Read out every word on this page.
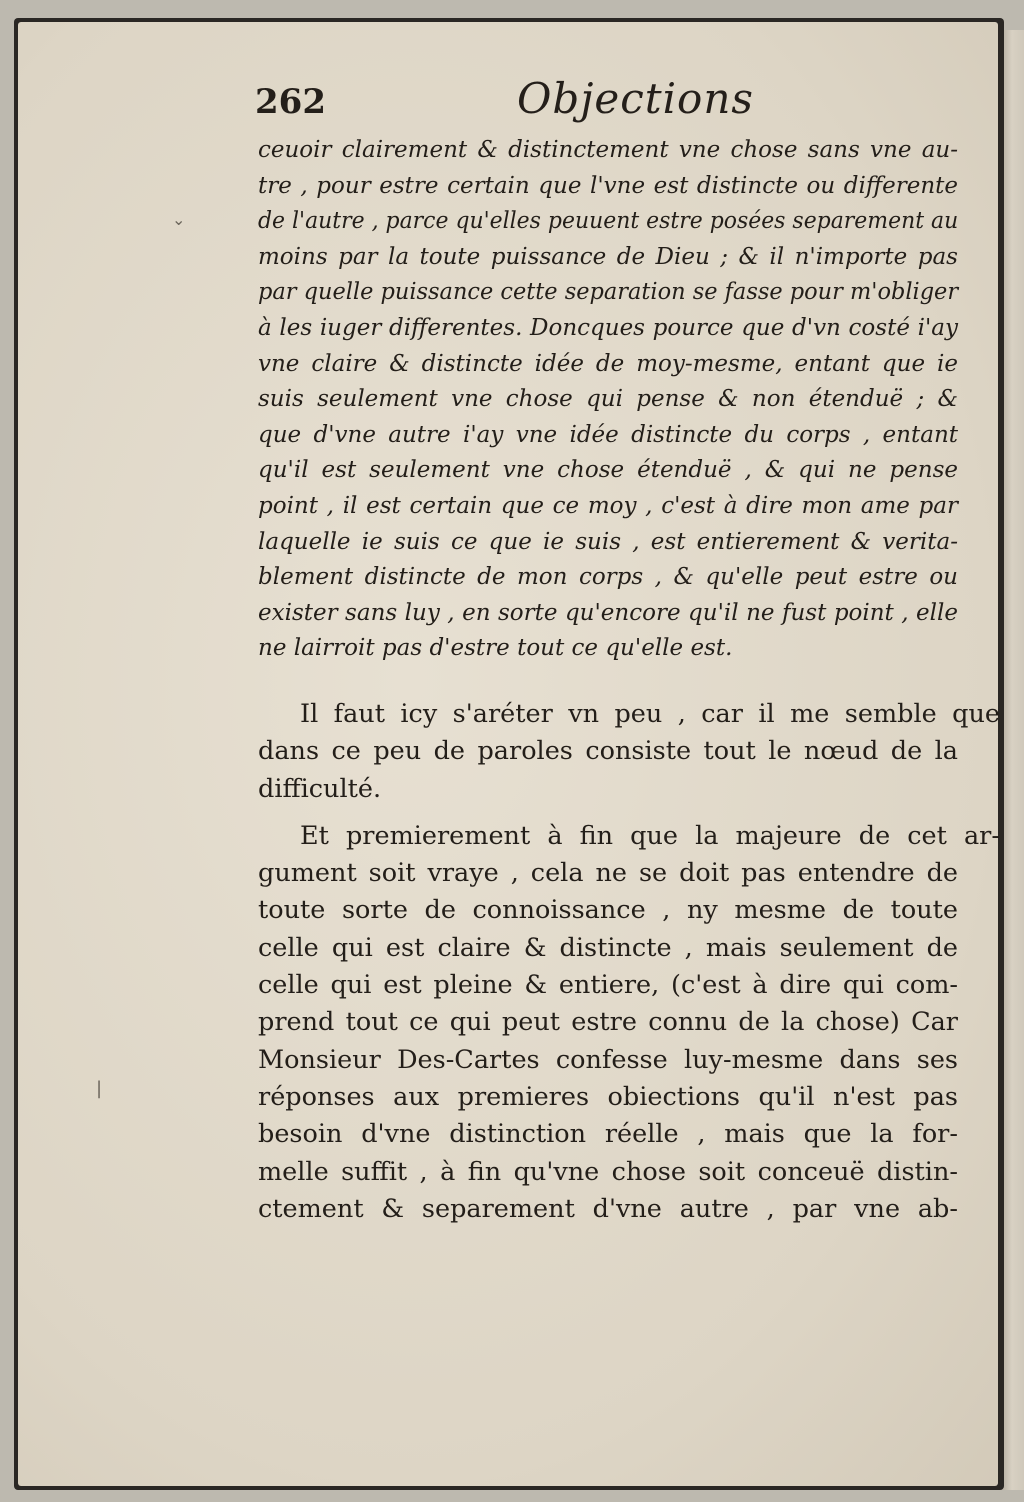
262	Objections
ceuoir clairement & distinctement vne chose sans vne au-
tre , pour estre certain que l'vne est distincte ou differente
de l'autre , parce qu'elles peuuent estre posées separement au
moins par la toute puissance de Dieu ; & il n'importe pas
par quelle puissance cette separation se fasse pour m'obliger
à les iuger differentes. Doncques pource que d'vn costé i'ay
vne claire & distincte idée de moy-mesme, entant que ie
suis seulement vne chose qui pense & non étenduë ; &
que d'vne autre i'ay vne idée distincte du corps , entant
qu'il est seulement vne chose étenduë , & qui ne pense
point , il est certain que ce moy , c'est à dire mon ame par
laquelle ie suis ce que ie suis , est entierement & verita-
blement distincte de mon corps , & qu'elle peut estre ou
exister sans luy , en sorte qu'encore qu'il ne fust point , elle
ne lairroit pas d'estre tout ce qu'elle est.
Il faut icy s'aréter vn peu , car il me semble que
dans ce peu de paroles consiste tout le nœud de la
difficulté.
Et premierement à fin que la majeure de cet ar-
gument soit vraye , cela ne se doit pas entendre de
toute sorte de connoissance , ny mesme de toute
celle qui est claire & distincte , mais seulement de
celle qui est pleine & entiere, (c'est à dire qui com-
prend tout ce qui peut estre connu de la chose) Car
Monsieur Des-Cartes confesse luy-mesme dans ses
réponses aux premieres obiections qu'il n'est pas
besoin d'vne distinction réelle , mais que la for-
melle suffit , à fin qu'vne chose soit conceuë distin-
ctement & separement d'vne autre , par vne ab-
⌄
|
